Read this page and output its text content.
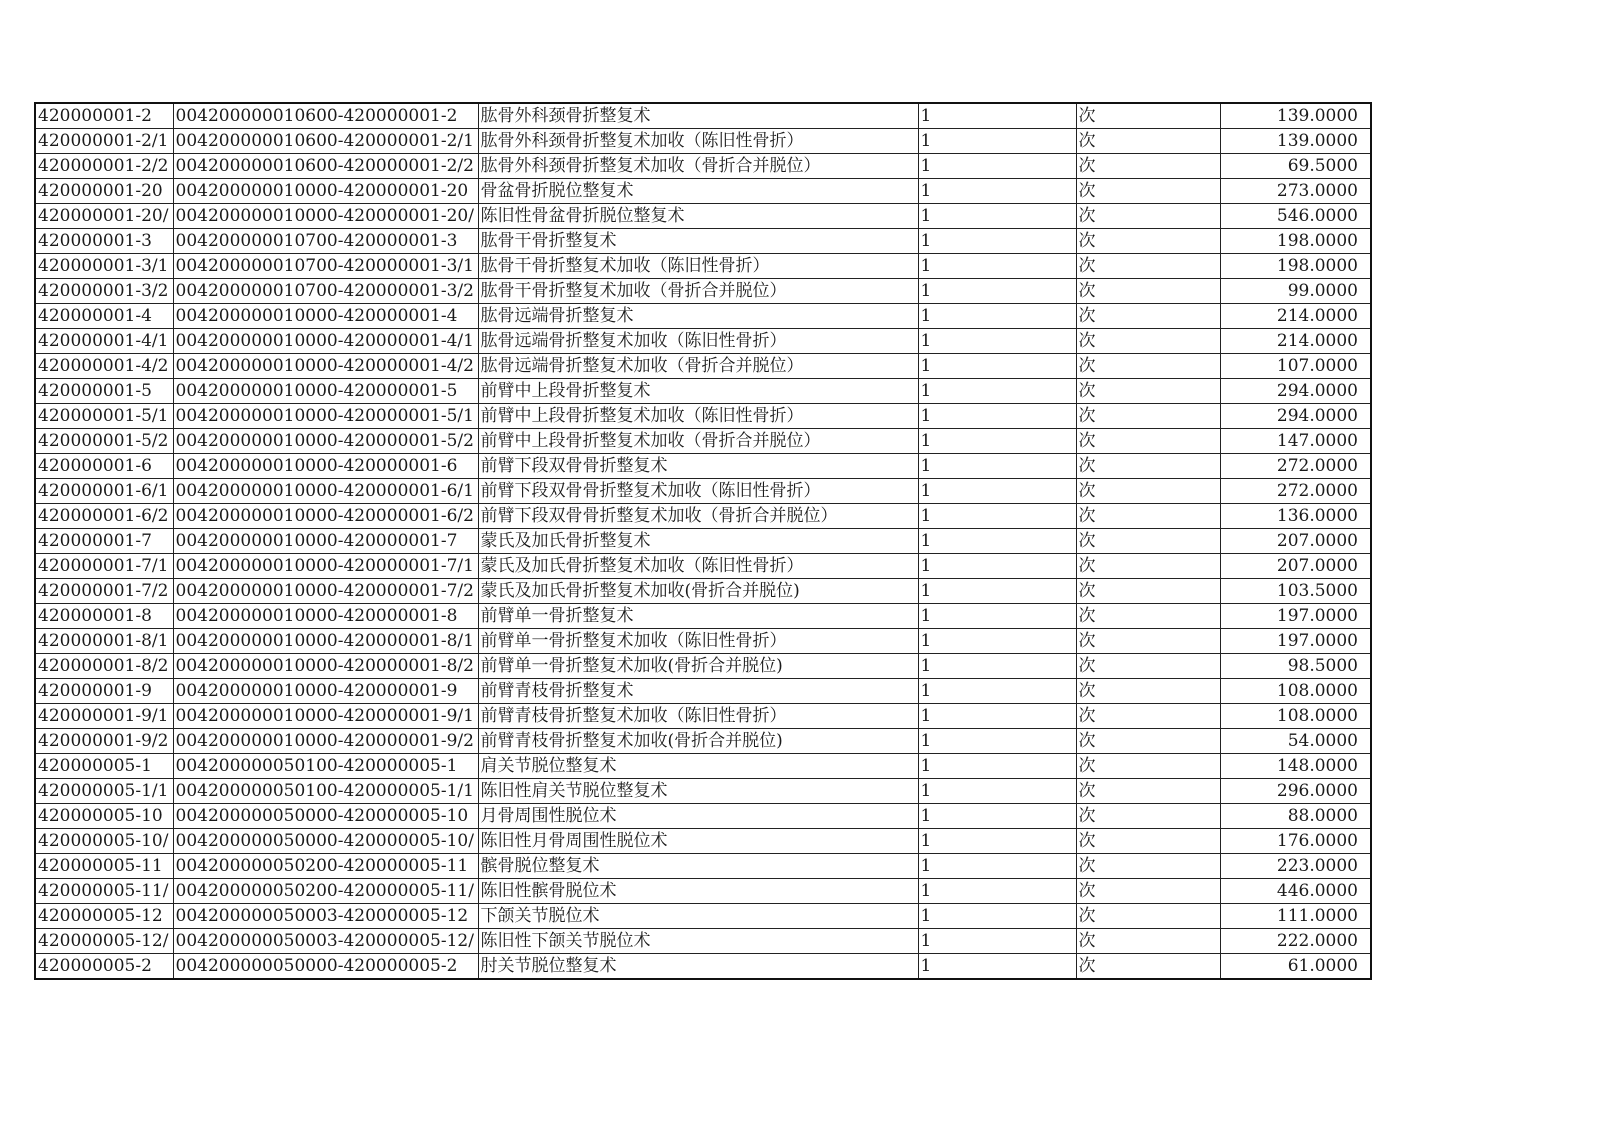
420000001-2	004200000010600-420000001-2	肱骨外科颈骨折整复术	1	次	139.0000
420000001-2/1	004200000010600-420000001-2/1	肱骨外科颈骨折整复术加收（陈旧性骨折）	1	次	139.0000
420000001-2/2	004200000010600-420000001-2/2	肱骨外科颈骨折整复术加收（骨折合并脱位）	1	次	69.5000
420000001-20	004200000010000-420000001-20	骨盆骨折脱位整复术	1	次	273.0000
420000001-20/	004200000010000-420000001-20/	陈旧性骨盆骨折脱位整复术	1	次	546.0000
420000001-3	004200000010700-420000001-3	肱骨干骨折整复术	1	次	198.0000
420000001-3/1	004200000010700-420000001-3/1	肱骨干骨折整复术加收（陈旧性骨折）	1	次	198.0000
420000001-3/2	004200000010700-420000001-3/2	肱骨干骨折整复术加收（骨折合并脱位）	1	次	99.0000
420000001-4	004200000010000-420000001-4	肱骨远端骨折整复术	1	次	214.0000
420000001-4/1	004200000010000-420000001-4/1	肱骨远端骨折整复术加收（陈旧性骨折）	1	次	214.0000
420000001-4/2	004200000010000-420000001-4/2	肱骨远端骨折整复术加收（骨折合并脱位）	1	次	107.0000
420000001-5	004200000010000-420000001-5	前臂中上段骨折整复术	1	次	294.0000
420000001-5/1	004200000010000-420000001-5/1	前臂中上段骨折整复术加收（陈旧性骨折）	1	次	294.0000
420000001-5/2	004200000010000-420000001-5/2	前臂中上段骨折整复术加收（骨折合并脱位）	1	次	147.0000
420000001-6	004200000010000-420000001-6	前臂下段双骨骨折整复术	1	次	272.0000
420000001-6/1	004200000010000-420000001-6/1	前臂下段双骨骨折整复术加收（陈旧性骨折）	1	次	272.0000
420000001-6/2	004200000010000-420000001-6/2	前臂下段双骨骨折整复术加收（骨折合并脱位）	1	次	136.0000
420000001-7	004200000010000-420000001-7	蒙氏及加氏骨折整复术	1	次	207.0000
420000001-7/1	004200000010000-420000001-7/1	蒙氏及加氏骨折整复术加收（陈旧性骨折）	1	次	207.0000
420000001-7/2	004200000010000-420000001-7/2	蒙氏及加氏骨折整复术加收(骨折合并脱位)	1	次	103.5000
420000001-8	004200000010000-420000001-8	前臂单一骨折整复术	1	次	197.0000
420000001-8/1	004200000010000-420000001-8/1	前臂单一骨折整复术加收（陈旧性骨折）	1	次	197.0000
420000001-8/2	004200000010000-420000001-8/2	前臂单一骨折整复术加收(骨折合并脱位)	1	次	98.5000
420000001-9	004200000010000-420000001-9	前臂青枝骨折整复术	1	次	108.0000
420000001-9/1	004200000010000-420000001-9/1	前臂青枝骨折整复术加收（陈旧性骨折）	1	次	108.0000
420000001-9/2	004200000010000-420000001-9/2	前臂青枝骨折整复术加收(骨折合并脱位)	1	次	54.0000
420000005-1	004200000050100-420000005-1	肩关节脱位整复术	1	次	148.0000
420000005-1/1	004200000050100-420000005-1/1	陈旧性肩关节脱位整复术	1	次	296.0000
420000005-10	004200000050000-420000005-10	月骨周围性脱位术	1	次	88.0000
420000005-10/	004200000050000-420000005-10/	陈旧性月骨周围性脱位术	1	次	176.0000
420000005-11	004200000050200-420000005-11	髌骨脱位整复术	1	次	223.0000
420000005-11/	004200000050200-420000005-11/	陈旧性髌骨脱位术	1	次	446.0000
420000005-12	004200000050003-420000005-12	下颌关节脱位术	1	次	111.0000
420000005-12/	004200000050003-420000005-12/	陈旧性下颌关节脱位术	1	次	222.0000
420000005-2	004200000050000-420000005-2	肘关节脱位整复术	1	次	61.0000
